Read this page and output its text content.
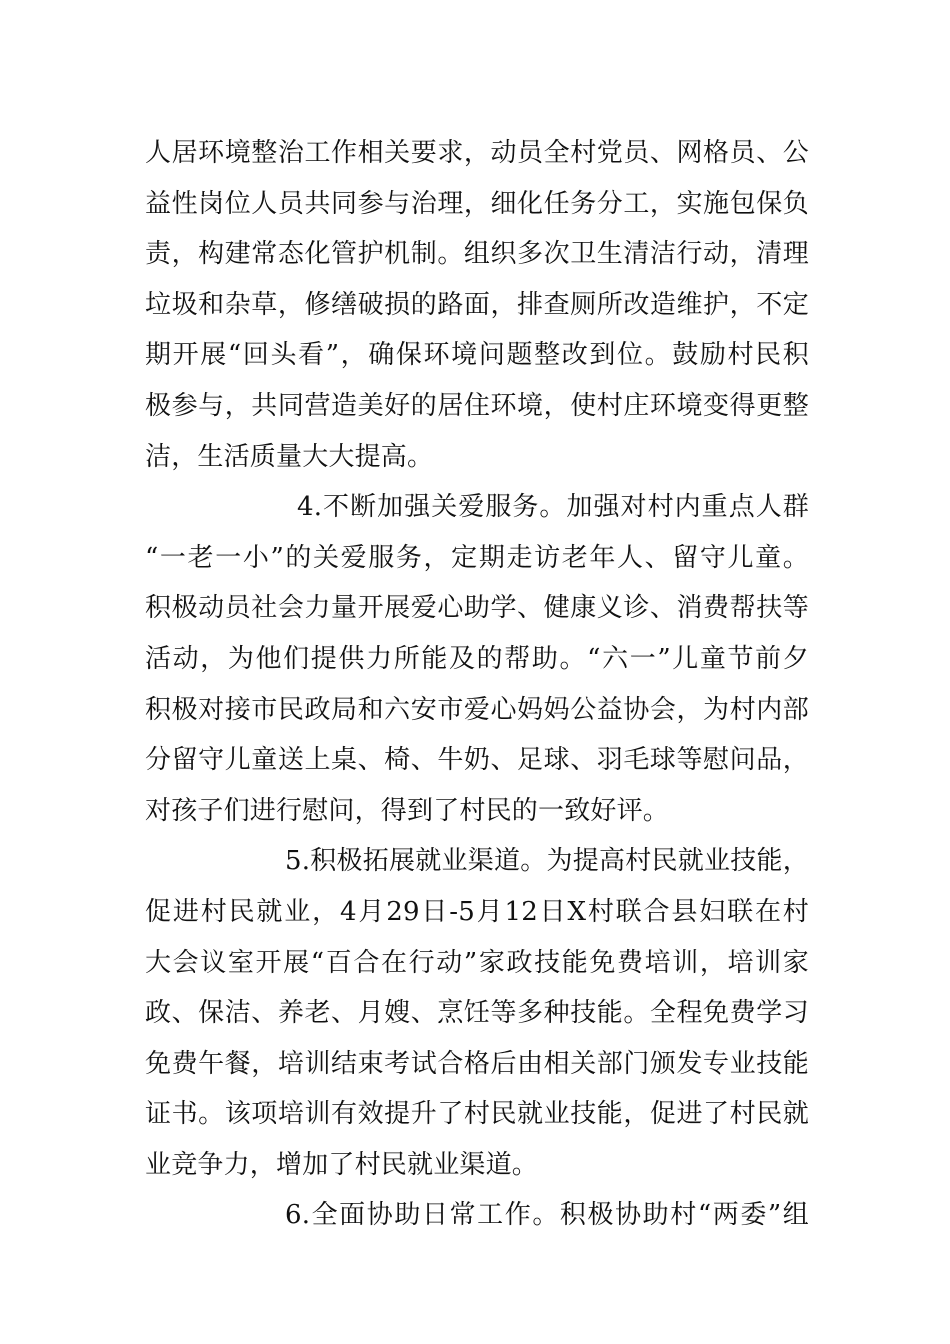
人居环境整治工作相关要求，动员全村党员、网格员、公
益性岗位人员共同参与治理，细化任务分工，实施包保负
责，构建常态化管护机制。组织多次卫生清洁行动，清理
垃圾和杂草，修缮破损的路面，排查厕所改造维护，不定
期开展“回头看”，确保环境问题整改到位。鼓励村民积
极参与，共同营造美好的居住环境，使村庄环境变得更整
洁，生活质量大大提高。
4.不断加强关爱服务。加强对村内重点人群
“一老一小”的关爱服务，定期走访老年人、留守儿童。
积极动员社会力量开展爱心助学、健康义诊、消费帮扶等
活动，为他们提供力所能及的帮助。“六一”儿童节前夕
积极对接市民政局和六安市爱心妈妈公益协会，为村内部
分留守儿童送上桌、椅、牛奶、足球、羽毛球等慰问品，
对孩子们进行慰问，得到了村民的一致好评。
5.积极拓展就业渠道。为提高村民就业技能，
促进村民就业，4月29日-5月12日X村联合县妇联在村
大会议室开展“百合在行动”家政技能免费培训，培训家
政、保洁、养老、月嫂、烹饪等多种技能。全程免费学习
免费午餐，培训结束考试合格后由相关部门颁发专业技能
证书。该项培训有效提升了村民就业技能，促进了村民就
业竞争力，增加了村民就业渠道。
6.全面协助日常工作。积极协助村“两委”组
